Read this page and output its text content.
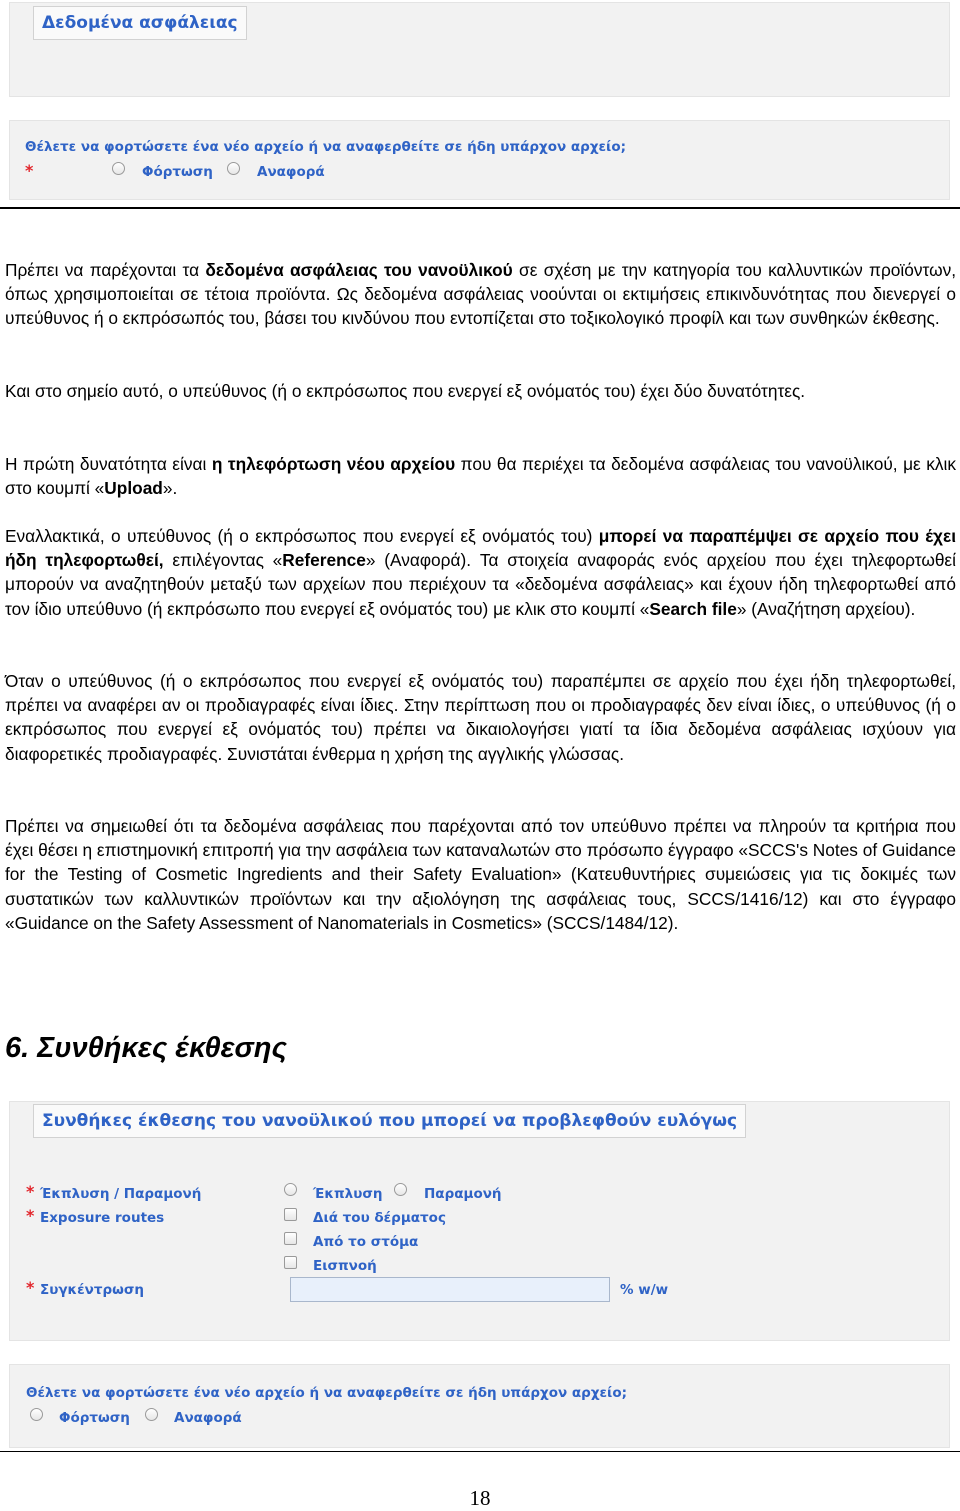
Δεδομένα ασφάλειας
Θέλετε να φορτώσετε ένα νέο αρχείο ή να αναφερθείτε σε ήδη υπάρχον αρχείο;
*	Φόρτωση	Αναφορά
Πρέπει να παρέχονται τα δεδομένα ασφάλειας του νανοϋλικού σε σχέση με την κατηγορία του καλλυντικών προϊόντων, όπως χρησιμοποιείται σε τέτοια προϊόντα. Ως δεδομένα ασφάλειας νοούνται οι εκτιμήσεις επικινδυνότητας που διενεργεί ο υπεύθυνος ή ο εκπρόσωπός του, βάσει του κινδύνου που εντοπίζεται στο τοξικολογικό προφίλ και των συνθηκών έκθεσης.
Και στο σημείο αυτό, ο υπεύθυνος (ή ο εκπρόσωπος που ενεργεί εξ ονόματός του) έχει δύο δυνατότητες.
Η πρώτη δυνατότητα είναι η τηλεφόρτωση νέου αρχείου που θα περιέχει τα δεδομένα ασφάλειας του νανοϋλικού, με κλικ στο κουμπί «Upload».
Εναλλακτικά, ο υπεύθυνος (ή ο εκπρόσωπος που ενεργεί εξ ονόματός του) μπορεί να παραπέμψει σε αρχείο που έχει ήδη τηλεφορτωθεί, επιλέγοντας «Reference» (Αναφορά). Τα στοιχεία αναφοράς ενός αρχείου που έχει τηλεφορτωθεί μπορούν να αναζητηθούν μεταξύ των αρχείων που περιέχουν τα «δεδομένα ασφάλειας» και έχουν ήδη τηλεφορτωθεί από τον ίδιο υπεύθυνο (ή εκπρόσωπο που ενεργεί εξ ονόματός του) με κλικ στο κουμπί «Search file» (Αναζήτηση αρχείου).
Όταν ο υπεύθυνος (ή ο εκπρόσωπος που ενεργεί εξ ονόματός του) παραπέμπει σε αρχείο που έχει ήδη τηλεφορτωθεί, πρέπει να αναφέρει αν οι προδιαγραφές είναι ίδιες. Στην περίπτωση που οι προδιαγραφές δεν είναι ίδιες, ο υπεύθυνος (ή ο εκπρόσωπος που ενεργεί εξ ονόματός του) πρέπει να δικαιολογήσει γιατί τα ίδια δεδομένα ασφάλειας ισχύουν για διαφορετικές προδιαγραφές. Συνιστάται ένθερμα η χρήση της αγγλικής γλώσσας.
Πρέπει να σημειωθεί ότι τα δεδομένα ασφάλειας που παρέχονται από τον υπεύθυνο πρέπει να πληρούν τα κριτήρια που έχει θέσει η επιστημονική επιτροπή για την ασφάλεια των καταναλωτών στο πρόσωπο έγγραφο «SCCS's Notes of Guidance for the Testing of Cosmetic Ingredients and their Safety Evaluation» (Κατευθυντήριες συμειώσεις για τις δοκιμές των συστατικών των καλλυντικών προϊόντων και την αξιολόγηση της ασφάλειας τους, SCCS/1416/12) και στο έγγραφο «Guidance on the Safety Assessment of Nanomaterials in Cosmetics» (SCCS/1484/12).
6. Συνθήκες έκθεσης
Συνθήκες έκθεσης του νανοϋλικού που μπορεί να προβλεφθούν ευλόγως
* Έκπλυση / Παραμονή	Έκπλυση	Παραμονή
* Exposure routes	Διά του δέρματος
Από το στόμα
Εισπνοή
* Συγκέντρωση	% w/w
Θέλετε να φορτώσετε ένα νέο αρχείο ή να αναφερθείτε σε ήδη υπάρχον αρχείο;
Φόρτωση	Αναφορά
18
